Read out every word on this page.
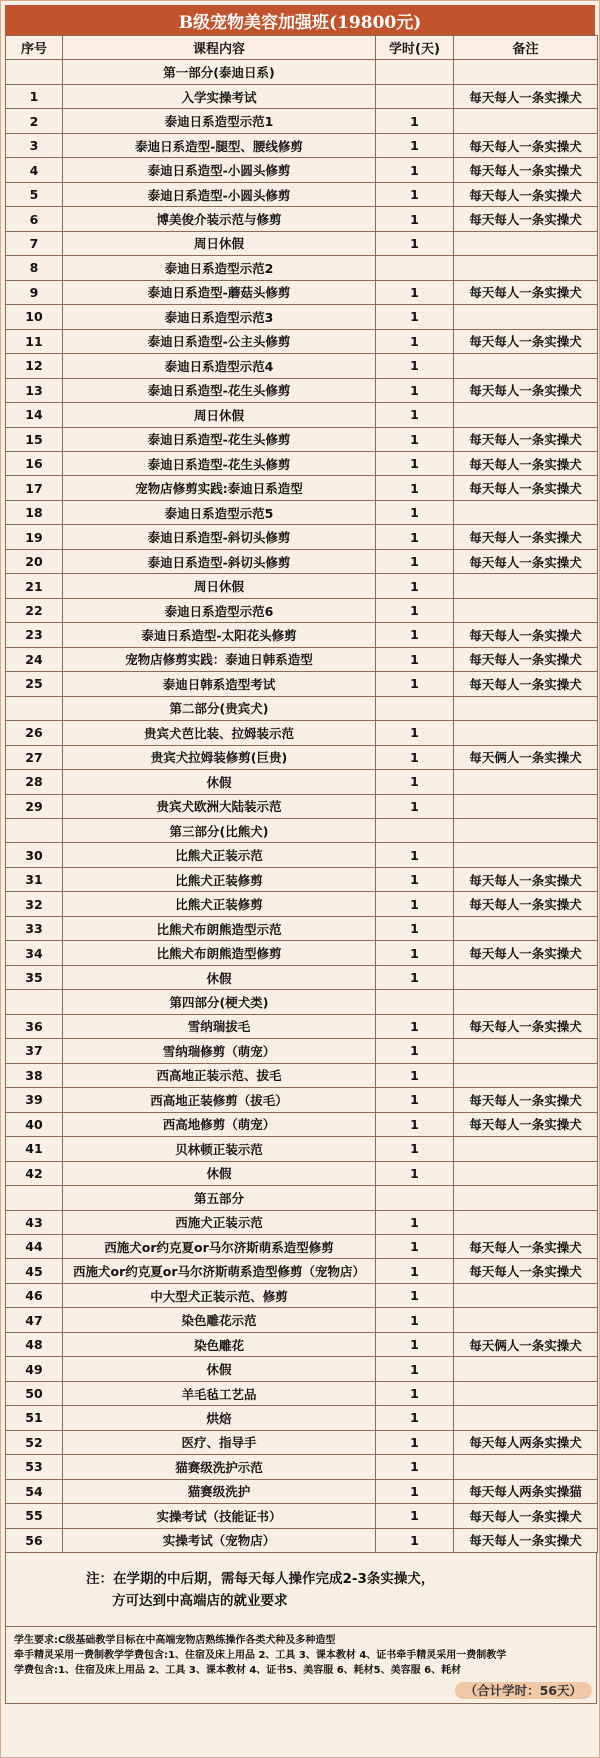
B级宠物美容加强班(19800元)
序号	课程内容	学时(天)	备注
	第一部分(泰迪日系)		
1	入学实操考试		每天每人一条实操犬
2	泰迪日系造型示范1	1	
3	泰迪日系造型-腿型、腰线修剪	1	每天每人一条实操犬
4	泰迪日系造型-小圆头修剪	1	每天每人一条实操犬
5	泰迪日系造型-小圆头修剪	1	每天每人一条实操犬
6	博美俊介装示范与修剪	1	每天每人一条实操犬
7	周日休假	1	
8	泰迪日系造型示范2		
9	泰迪日系造型-蘑菇头修剪	1	每天每人一条实操犬
10	泰迪日系造型示范3	1	
11	泰迪日系造型-公主头修剪	1	每天每人一条实操犬
12	泰迪日系造型示范4	1	
13	泰迪日系造型-花生头修剪	1	每天每人一条实操犬
14	周日休假	1	
15	泰迪日系造型-花生头修剪	1	每天每人一条实操犬
16	泰迪日系造型-花生头修剪	1	每天每人一条实操犬
17	宠物店修剪实践:泰迪日系造型	1	每天每人一条实操犬
18	泰迪日系造型示范5	1	
19	泰迪日系造型-斜切头修剪	1	每天每人一条实操犬
20	泰迪日系造型-斜切头修剪	1	每天每人一条实操犬
21	周日休假	1	
22	泰迪日系造型示范6	1	
23	泰迪日系造型-太阳花头修剪	1	每天每人一条实操犬
24	宠物店修剪实践：泰迪日韩系造型	1	每天每人一条实操犬
25	泰迪日韩系造型考试	1	每天每人一条实操犬
	第二部分(贵宾犬)		
26	贵宾犬芭比装、拉姆装示范	1	
27	贵宾犬拉姆装修剪(巨贵)	1	每天俩人一条实操犬
28	休假	1	
29	贵宾犬欧洲大陆装示范	1	
	第三部分(比熊犬)		
30	比熊犬正装示范	1	
31	比熊犬正装修剪	1	每天每人一条实操犬
32	比熊犬正装修剪	1	每天每人一条实操犬
33	比熊犬布朗熊造型示范	1	
34	比熊犬布朗熊造型修剪	1	每天每人一条实操犬
35	休假	1	
	第四部分(梗犬类)		
36	雪纳瑞拔毛	1	每天每人一条实操犬
37	雪纳瑞修剪（萌宠）	1	
38	西高地正装示范、拔毛	1	
39	西高地正装修剪（拔毛）	1	每天每人一条实操犬
40	西高地修剪（萌宠）	1	每天每人一条实操犬
41	贝林顿正装示范	1	
42	休假	1	
	第五部分		
43	西施犬正装示范	1	
44	西施犬or约克夏or马尔济斯萌系造型修剪	1	每天每人一条实操犬
45	西施犬or约克夏or马尔济斯萌系造型修剪（宠物店）	1	每天每人一条实操犬
46	中大型犬正装示范、修剪	1	
47	染色雕花示范	1	
48	染色雕花	1	每天俩人一条实操犬
49	休假	1	
50	羊毛毡工艺品	1	
51	烘焙	1	
52	医疗、指导手	1	每天每人两条实操犬
53	猫赛级洗护示范	1	
54	猫赛级洗护	1	每天每人两条实操猫
55	实操考试（技能证书）	1	每天每人一条实操犬
56	实操考试（宠物店）	1	每天每人一条实操犬
注：在学期的中后期，需每天每人操作完成2-3条实操犬，
方可达到中高端店的就业要求
学生要求:C级基础教学目标在中高端宠物店熟练操作各类犬种及多种造型
牵手精灵采用一费制教学学费包含:1、住宿及床上用品 2、工具 3、课本教材 4、证书牵手精灵采用一费制教学
学费包含:1、住宿及床上用品 2、工具 3、课本教材 4、证书5、美容服 6、耗材5、美容服 6、耗材
（合计学时：56天）
